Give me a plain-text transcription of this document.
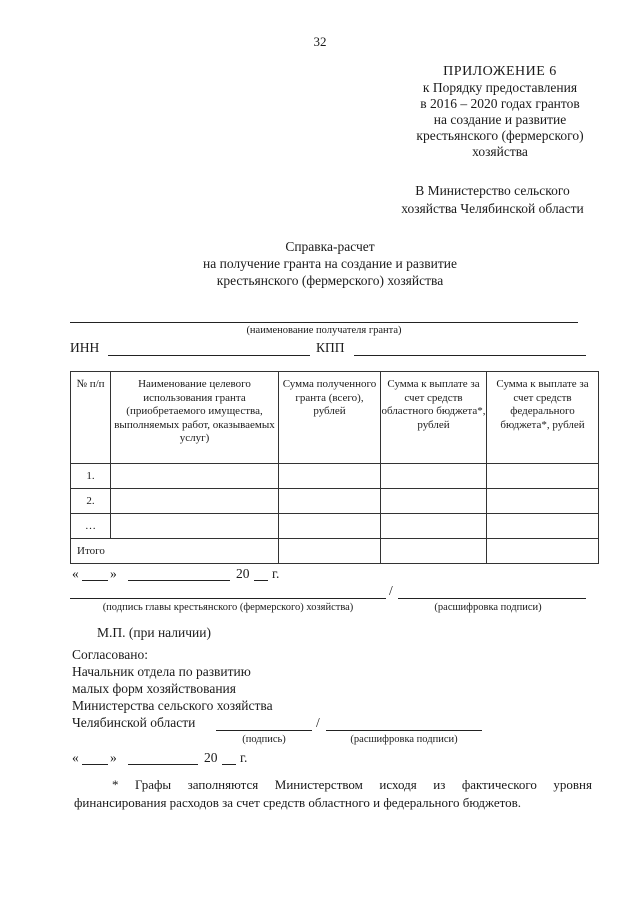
32
ПРИЛОЖЕНИЕ 6
к Порядку предоставления
в 2016 – 2020 годах грантов
на создание и развитие
крестьянского (фермерского)
хозяйства
В Министерство сельского
хозяйства Челябинской области
Справка-расчет
на получение гранта на создание и развитие
крестьянского (фермерского) хозяйства
(наименование получателя гранта)
ИНН	КПП
№ п/п	Наименование целевого использования гранта (приобретаемого имущества, выполняемых работ, оказываемых услуг)	Сумма полученного гранта (всего), рублей	Сумма к выплате за счет средств областного бюджета*, рублей	Сумма к выплате за счет средств федерального бюджета*, рублей
1.				
2.				
…				
Итого				
« »	20 г.
/
(подпись главы крестьянского (фермерского) хозяйства)	(расшифровка подписи)
М.П. (при наличии)
Согласовано:
Начальник отдела по развитию
малых форм хозяйствования
Министерства сельского хозяйства
Челябинской области	/
(подпись)	(расшифровка подписи)
« »	20 г.
* Графы заполняются Министерством исходя из фактического уровня финансирования расходов за счет средств областного и федерального бюджетов.
